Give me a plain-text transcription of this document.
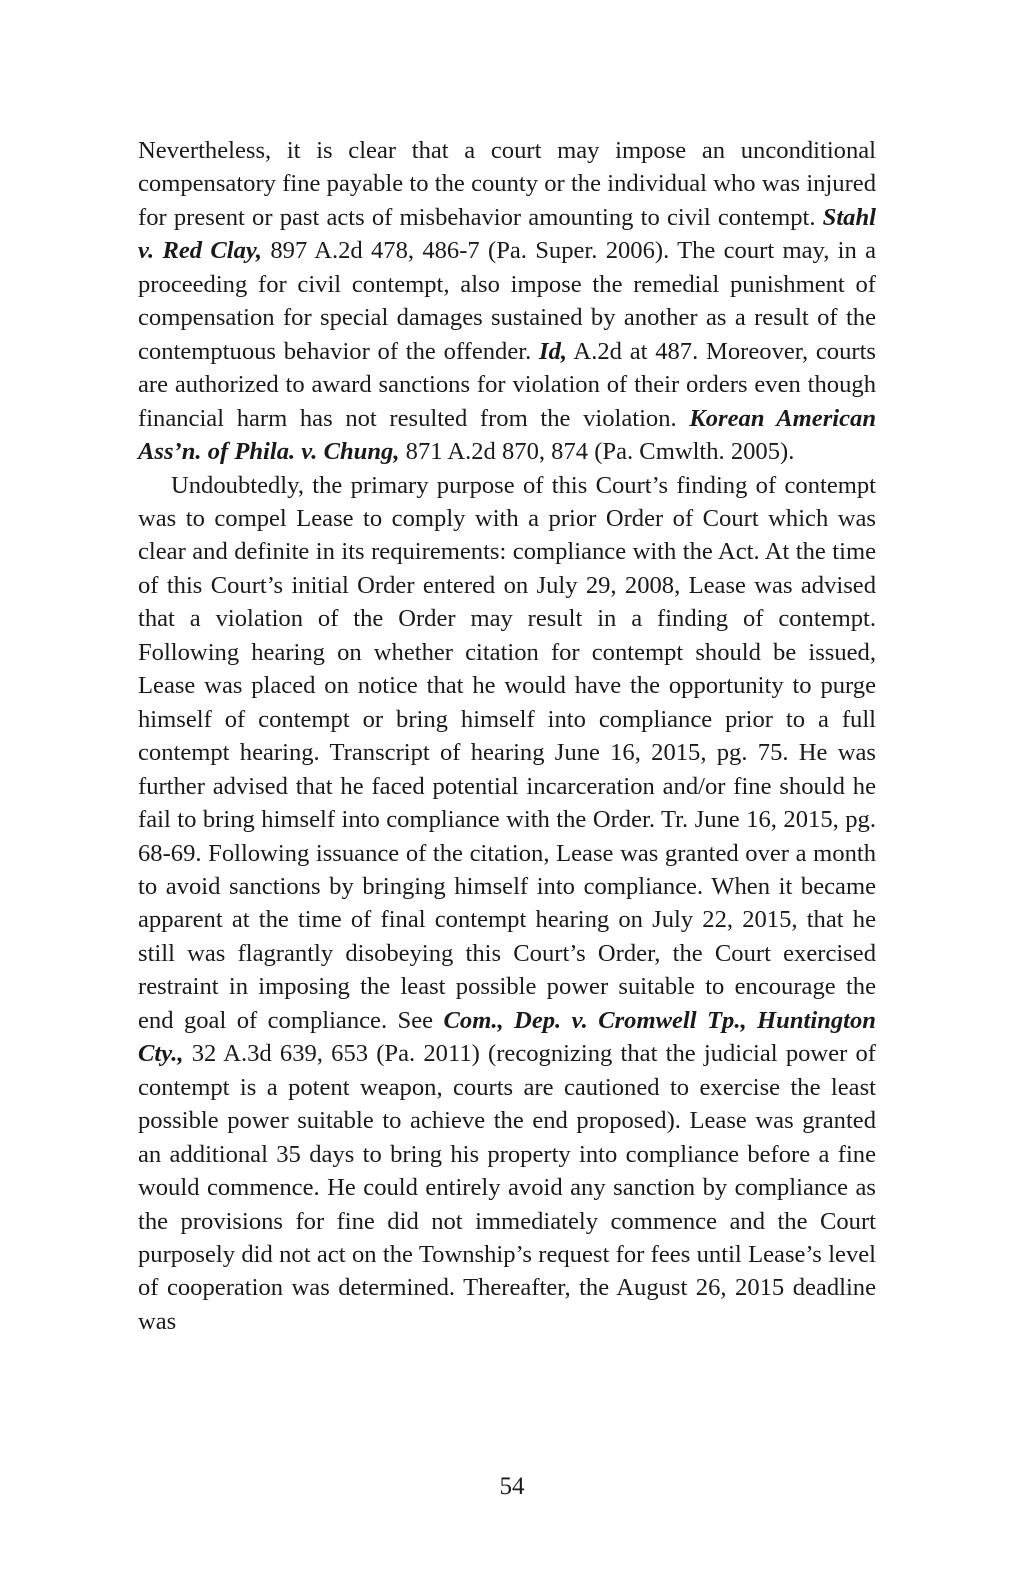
Nevertheless, it is clear that a court may impose an unconditional compensatory fine payable to the county or the individual who was injured for present or past acts of misbehavior amounting to civil contempt. Stahl v. Red Clay, 897 A.2d 478, 486-7 (Pa. Super. 2006). The court may, in a proceeding for civil contempt, also impose the remedial punishment of compensation for special damages sustained by another as a result of the contemptuous behavior of the offender. Id, A.2d at 487. Moreover, courts are authorized to award sanctions for violation of their orders even though financial harm has not resulted from the violation. Korean American Ass’n. of Phila. v. Chung, 871 A.2d 870, 874 (Pa. Cmwlth. 2005).

Undoubtedly, the primary purpose of this Court’s finding of contempt was to compel Lease to comply with a prior Order of Court which was clear and definite in its requirements: compliance with the Act. At the time of this Court’s initial Order entered on July 29, 2008, Lease was advised that a violation of the Order may result in a finding of contempt. Following hearing on whether citation for contempt should be issued, Lease was placed on notice that he would have the opportunity to purge himself of contempt or bring himself into compliance prior to a full contempt hearing. Transcript of hearing June 16, 2015, pg. 75. He was further advised that he faced potential incarceration and/or fine should he fail to bring himself into compliance with the Order. Tr. June 16, 2015, pg. 68-69. Following issuance of the citation, Lease was granted over a month to avoid sanctions by bringing himself into compliance. When it became apparent at the time of final contempt hearing on July 22, 2015, that he still was flagrantly disobeying this Court’s Order, the Court exercised restraint in imposing the least possible power suitable to encourage the end goal of compliance. See Com., Dep. v. Cromwell Tp., Huntington Cty., 32 A.3d 639, 653 (Pa. 2011) (recognizing that the judicial power of contempt is a potent weapon, courts are cautioned to exercise the least possible power suitable to achieve the end proposed). Lease was granted an additional 35 days to bring his property into compliance before a fine would commence. He could entirely avoid any sanction by compliance as the provisions for fine did not immediately commence and the Court purposely did not act on the Township’s request for fees until Lease’s level of cooperation was determined. Thereafter, the August 26, 2015 deadline was

54
